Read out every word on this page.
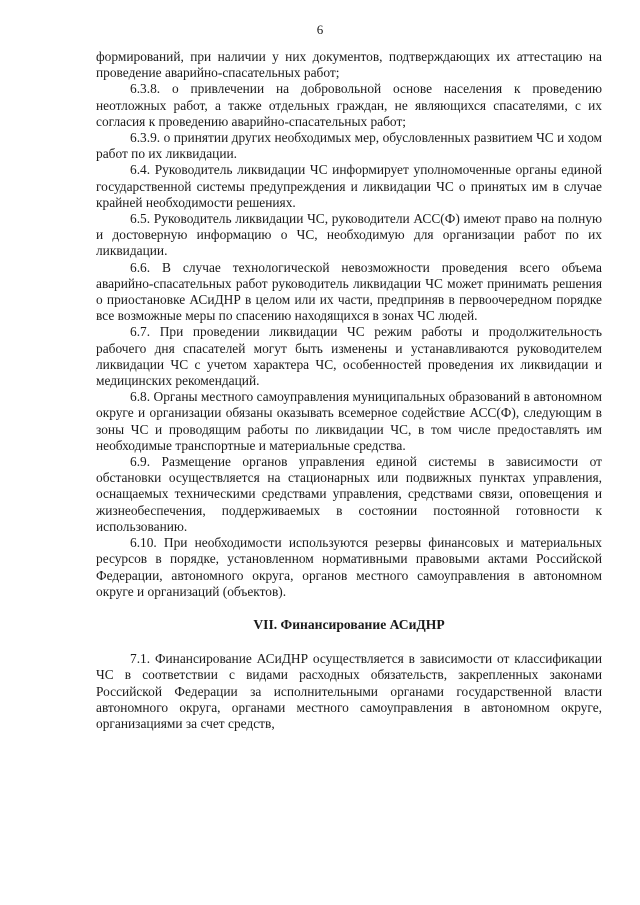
6

формирований, при наличии у них документов, подтверждающих их аттестацию на проведение аварийно-спасательных работ;

6.3.8. о привлечении на добровольной основе населения к проведению неотложных работ, а также отдельных граждан, не являющихся спасателями, с их согласия к проведению аварийно-спасательных работ;

6.3.9. о принятии других необходимых мер, обусловленных развитием ЧС и ходом работ по их ликвидации.

6.4. Руководитель ликвидации ЧС информирует уполномоченные органы единой государственной системы предупреждения и ликвидации ЧС о принятых им в случае крайней необходимости решениях.

6.5. Руководитель ликвидации ЧС, руководители АСС(Ф) имеют право на полную и достоверную информацию о ЧС, необходимую для организации работ по их ликвидации.

6.6. В случае технологической невозможности проведения всего объема аварийно-спасательных работ руководитель ликвидации ЧС может принимать решения о приостановке АСиДНР в целом или их части, предприняв в первоочередном порядке все возможные меры по спасению находящихся в зонах ЧС людей.

6.7. При проведении ликвидации ЧС режим работы и продолжительность рабочего дня спасателей могут быть изменены и устанавливаются руководителем ликвидации ЧС с учетом характера ЧС, особенностей проведения их ликвидации и медицинских рекомендаций.

6.8. Органы местного самоуправления муниципальных образований в автономном округе и организации обязаны оказывать всемерное содействие АСС(Ф), следующим в зоны ЧС и проводящим работы по ликвидации ЧС, в том числе предоставлять им необходимые транспортные и материальные средства.

6.9. Размещение органов управления единой системы в зависимости от обстановки осуществляется на стационарных или подвижных пунктах управления, оснащаемых техническими средствами управления, средствами связи, оповещения и жизнеобеспечения, поддерживаемых в состоянии постоянной готовности к использованию.

6.10. При необходимости используются резервы финансовых и материальных ресурсов в порядке, установленном нормативными правовыми актами Российской Федерации, автономного округа, органов местного самоуправления в автономном округе и организаций (объектов).

VII. Финансирование АСиДНР

7.1. Финансирование АСиДНР осуществляется в зависимости от классификации ЧС в соответствии с видами расходных обязательств, закрепленных законами Российской Федерации за исполнительными органами государственной власти автономного округа, органами местного самоуправления в автономном округе, организациями за счет средств,
